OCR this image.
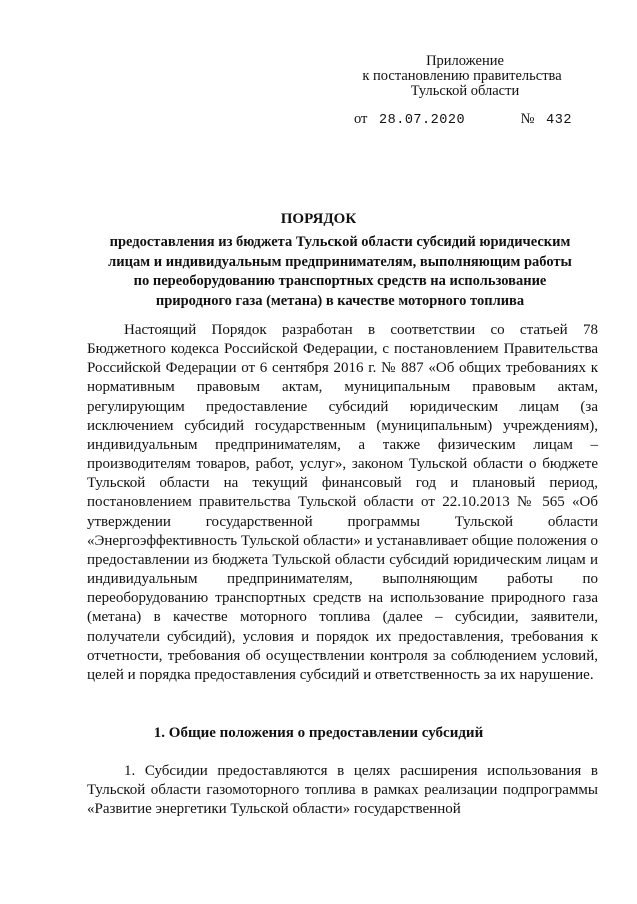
Приложение
к постановлению правительства
Тульской области
от 28.07.2020	№ 432
ПОРЯДОК
предоставления из бюджета Тульской области субсидий юридическим
лицам и индивидуальным предпринимателям, выполняющим работы
по переоборудованию транспортных средств на использование
природного газа (метана) в качестве моторного топлива

Настоящий Порядок разработан в соответствии со статьей 78 Бюджетного кодекса Российской Федерации, с постановлением Правительства Российской Федерации от 6 сентября 2016 г. № 887 «Об общих требованиях к нормативным правовым актам, муниципальным правовым актам, регулирующим предоставление субсидий юридическим лицам (за исключением субсидий государственным (муниципальным) учреждениям), индивидуальным предпринимателям, а также физическим лицам – производителям товаров, работ, услуг», законом Тульской области о бюджете Тульской области на текущий финансовый год и плановый период, постановлением правительства Тульской области от 22.10.2013 № 565 «Об утверждении государственной программы Тульской области «Энергоэффективность Тульской области» и устанавливает общие положения о предоставлении из бюджета Тульской области субсидий юридическим лицам и индивидуальным предпринимателям, выполняющим работы по переоборудованию транспортных средств на использование природного газа (метана) в качестве моторного топлива (далее – субсидии, заявители, получатели субсидий), условия и порядок их предоставления, требования к отчетности, требования об осуществлении контроля за соблюдением условий, целей и порядка предоставления субсидий и ответственность за их нарушение.

1. Общие положения о предоставлении субсидий

1. Субсидии предоставляются в целях расширения использования в Тульской области газомоторного топлива в рамках реализации подпрограммы «Развитие энергетики Тульской области» государственной
